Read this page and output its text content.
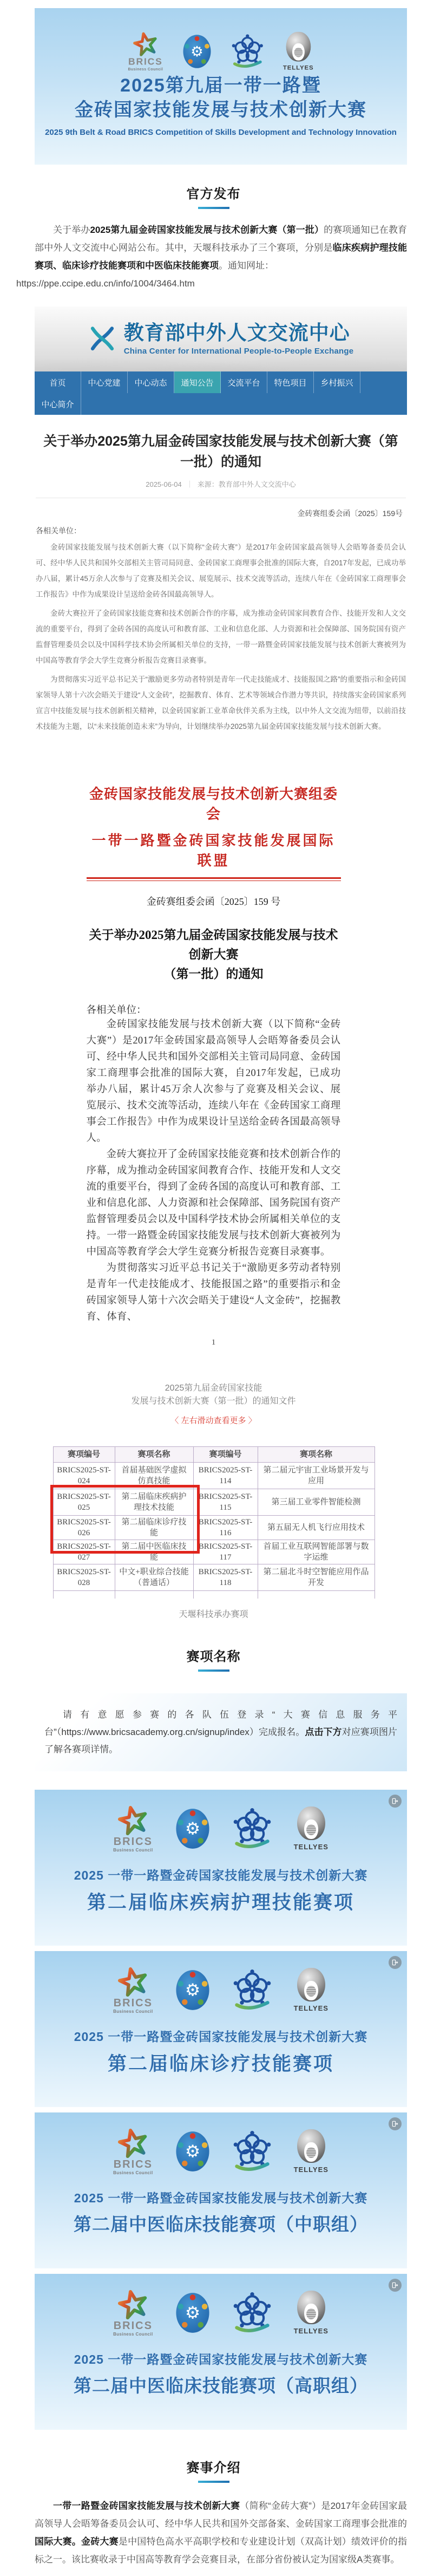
BRICS
Business Council
⚙
TELLYES
2025第九届一带一路暨
金砖国家技能发展与技术创新大赛
2025 9th Belt & Road BRICS Competition of Skills Development and Technology Innovation
官方发布

关于举办2025第九届金砖国家技能发展与技术创新大赛（第一批）的赛项通知已在教育部中外人文交流中心网站公布。其中，天堰科技承办了三个赛项，分别是临床疾病护理技能赛项、临床诊疗技能赛项和中医临床技能赛项。通知网址：
https://ppe.ccipe.edu.cn/info/1004/3464.htm

教育部中外人文交流中心
China Center for International People-to-People Exchange
首页	中心党建	中心动态	通知公告	交流平台	特色项目	乡村振兴
中心简介
关于举办2025第九届金砖国家技能发展与技术创新大赛（第一批）的通知
2025-06-04 ｜ 来源：教育部中外人文交流中心
金砖赛组委会函〔2025〕159号
各相关单位：

金砖国家技能发展与技术创新大赛（以下简称“金砖大赛”）是2017年金砖国家最高领导人会晤筹备委员会认可、经中华人民共和国外交部相关主管司局同意、金砖国家工商理事会批准的国际大赛，自2017年发起，已成功举办八届，累计45万余人次参与了竞赛及相关会议、展览展示、技术交流等活动，连续八年在《金砖国家工商理事会工作报告》中作为成果设计呈送给金砖各国最高领导人。

金砖大赛拉开了金砖国家技能竞赛和技术创新合作的序幕，成为推动金砖国家间教育合作、技能开发和人文交流的重要平台，得到了金砖各国的高度认可和教育部、工业和信息化部、人力资源和社会保障部、国务院国有资产监督管理委员会以及中国科学技术协会所属相关单位的支持，一带一路暨金砖国家技能发展与技术创新大赛被列为中国高等教育学会大学生竞赛分析报告竞赛目录赛事。

为贯彻落实习近平总书记关于“激励更多劳动者特别是青年一代走技能成才、技能报国之路”的重要指示和金砖国家领导人第十六次会晤关于建设“人文金砖”，挖掘教育、体育、艺术等领域合作潜力等共识，持续落实金砖国家系列宣言中技能发展与技术创新相关精神，以金砖国家新工业革命伙伴关系为主线，以中外人文交流为纽带，以前沿技术技能为主题，以“未来技能创造未来”为导向，计划继续举办2025第九届金砖国家技能发展与技术创新大赛。

金砖国家技能发展与技术创新大赛组委会
一带一路暨金砖国家技能发展国际联盟
金砖赛组委会函〔2025〕159 号
关于举办2025第九届金砖国家技能发展与技术创新大赛
（第一批）的通知
各相关单位：

金砖国家技能发展与技术创新大赛（以下简称“金砖大赛”）是2017年金砖国家最高领导人会晤筹备委员会认可、经中华人民共和国外交部相关主管司局同意、金砖国家工商理事会批准的国际大赛，自2017年发起，已成功举办八届，累计45万余人次参与了竞赛及相关会议、展览展示、技术交流等活动，连续八年在《金砖国家工商理事会工作报告》中作为成果设计呈送给金砖各国最高领导人。

金砖大赛拉开了金砖国家技能竞赛和技术创新合作的序幕，成为推动金砖国家间教育合作、技能开发和人文交流的重要平台，得到了金砖各国的高度认可和教育部、工业和信息化部、人力资源和社会保障部、国务院国有资产监督管理委员会以及中国科学技术协会所属相关单位的支持。一带一路暨金砖国家技能发展与技术创新大赛被列为中国高等教育学会大学生竞赛分析报告竞赛目录赛事。

为贯彻落实习近平总书记关于“激励更多劳动者特别是青年一代走技能成才、技能报国之路”的重要指示和金砖国家领导人第十六次会晤关于建设“人文金砖”，挖掘教育、体育、

1
2025第九届金砖国家技能
发展与技术创新大赛（第一批）的通知文件
〈 左右滑动查看更多 〉
赛项编号	赛项名称	赛项编号	赛项名称
BRICS2025-ST-024	首届基础医学虚拟仿真技能	BRICS2025-ST-114	第二届元宇宙工业场景开发与应用
BRICS2025-ST-025	第二届临床疾病护理技术技能	BRICS2025-ST-115	第三届工业零件智能检测
BRICS2025-ST-026	第二届临床诊疗技能	BRICS2025-ST-116	第五届无人机飞行应用技术
BRICS2025-ST-027	第二届中医临床技能	BRICS2025-ST-117	首届工业互联网智能部署与数字运维
BRICS2025-ST-028	中文+职业综合技能（普通话）	BRICS2025-ST-118	第二届北斗时空智能应用作品开发

天堰科技承办赛项
赛项名称

请有意愿参赛的各队伍登录“大赛信息服务平台”（https://www.bricsacademy.org.cn/signup/index）完成报名。点击下方对应赛项图片了解各赛项详情。

BRICS
Business Council
⚙
TELLYES
2025 一带一路暨金砖国家技能发展与技术创新大赛
第二届临床疾病护理技能赛项
BRICS
Business Council
⚙
TELLYES
2025 一带一路暨金砖国家技能发展与技术创新大赛
第二届临床诊疗技能赛项
BRICS
Business Council
⚙
TELLYES
2025 一带一路暨金砖国家技能发展与技术创新大赛
第二届中医临床技能赛项（中职组）
BRICS
Business Council
⚙
TELLYES
2025 一带一路暨金砖国家技能发展与技术创新大赛
第二届中医临床技能赛项（高职组）
赛事介绍

一带一路暨金砖国家技能发展与技术创新大赛（简称“金砖大赛”）是2017年金砖国家最高领导人会晤筹备委员会认可、经中华人民共和国外交部备案、金砖国家工商理事会批准的国际大赛。金砖大赛是中国特色高水平高职学校和专业建设计划（双高计划）绩效评价的指标之一。该比赛收录于中国高等教育学会竞赛目录，在部分省份被认定为国家级A类赛事。
